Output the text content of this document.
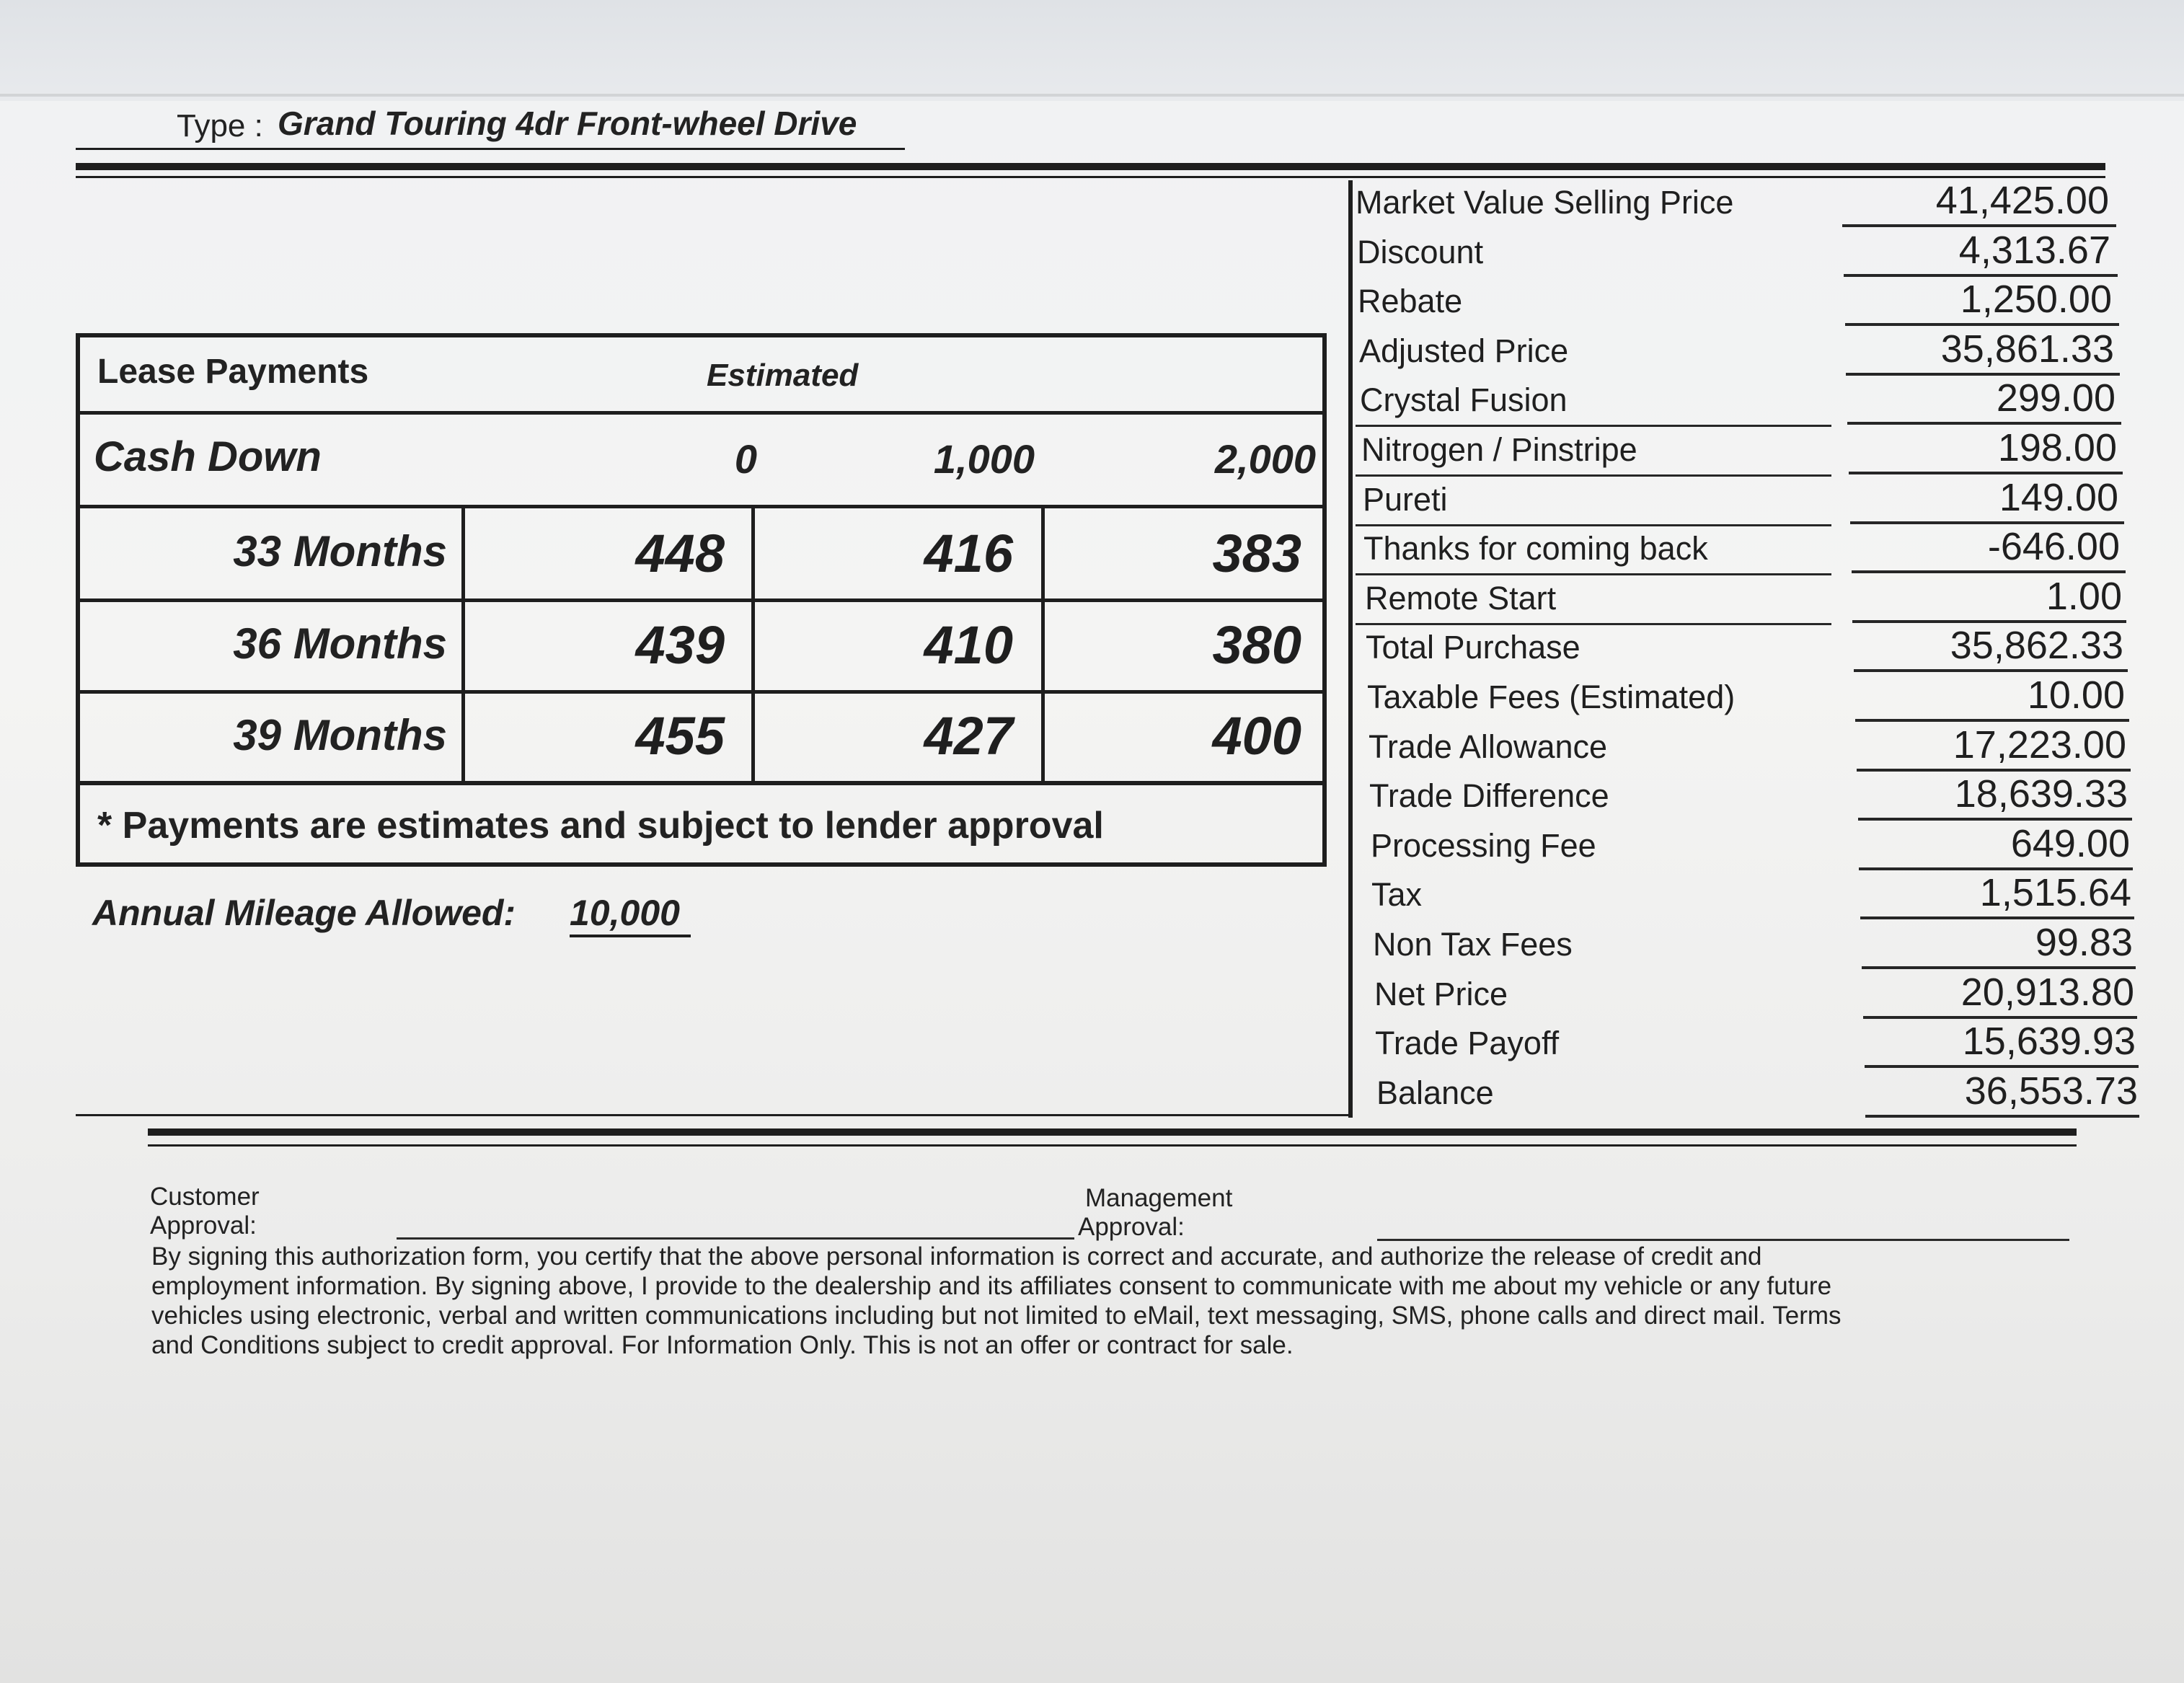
Type : Grand Touring 4dr Front-wheel Drive
Lease Payments	Estimated
Cash Down	0	1,000	2,000
33 Months	448	416	383
36 Months	439	410	380
39 Months	455	427	400
* Payments are estimates and subject to lender approval
Annual Mileage Allowed: 10,000
Market Value Selling Price	41,425.00
Discount	4,313.67
Rebate	1,250.00
Adjusted Price	35,861.33
Crystal Fusion	299.00
Nitrogen / Pinstripe	198.00
Pureti	149.00
Thanks for coming back	-646.00
Remote Start	1.00
Total Purchase	35,862.33
Taxable Fees (Estimated)	10.00
Trade Allowance	17,223.00
Trade Difference	18,639.33
Processing Fee	649.00
Tax	1,515.64
Non Tax Fees	99.83
Net Price	20,913.80
Trade Payoff	15,639.93
Balance	36,553.73
Customer
Approval:
Management
Approval:
By signing this authorization form, you certify that the above personal information is correct and accurate, and authorize the release of credit and
employment information. By signing above, I provide to the dealership and its affiliates consent to communicate with me about my vehicle or any future
vehicles using electronic, verbal and written communications including but not limited to eMail, text messaging, SMS, phone calls and direct mail. Terms
and Conditions subject to credit approval. For Information Only. This is not an offer or contract for sale.
